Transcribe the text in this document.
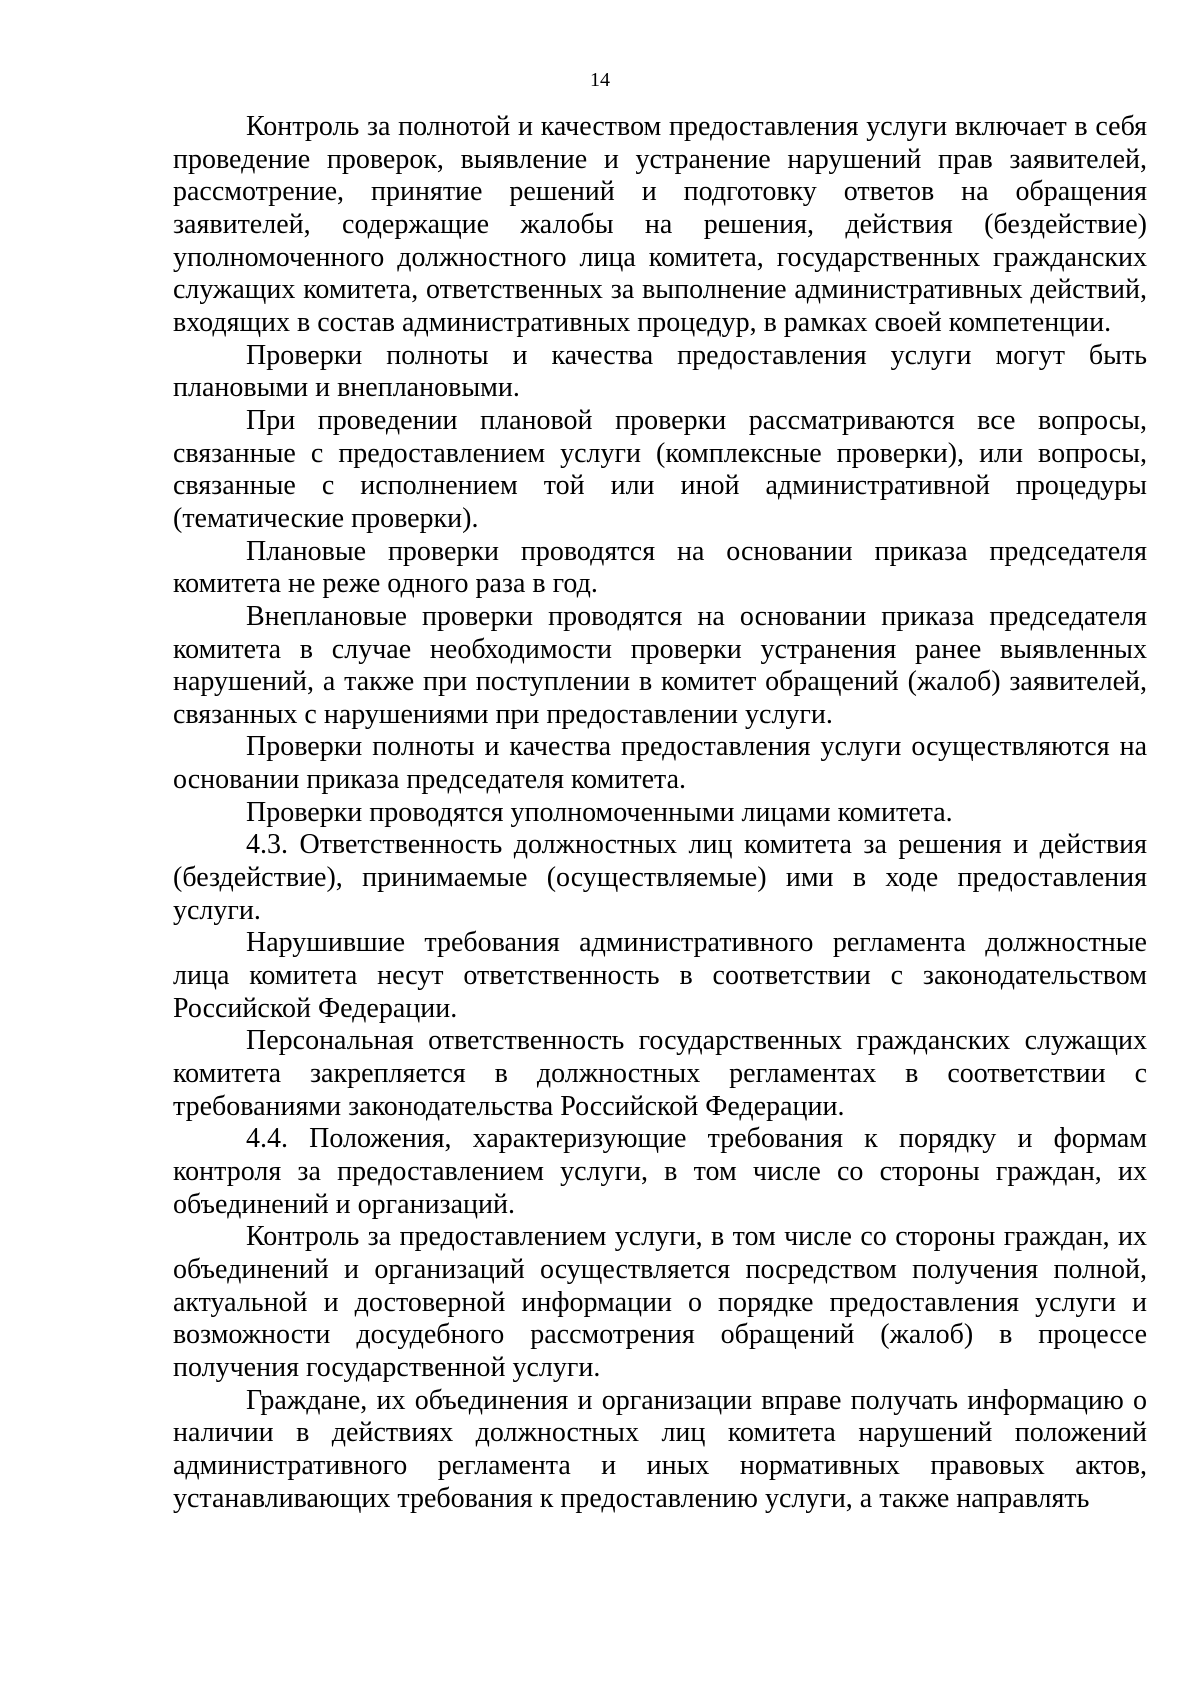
14

Контроль за полнотой и качеством предоставления услуги включает в себя проведение проверок, выявление и устранение нарушений прав заявителей, рассмотрение, принятие решений и подготовку ответов на обращения заявителей, содержащие жалобы на решения, действия (бездействие) уполномоченного должностного лица комитета, государственных гражданских служащих комитета, ответственных за выполнение административных действий, входящих в состав административных процедур, в рамках своей компетенции.

Проверки полноты и качества предоставления услуги могут быть плановыми и внеплановыми.

При проведении плановой проверки рассматриваются все вопросы, связанные с предоставлением услуги (комплексные проверки), или вопросы, связанные с исполнением той или иной административной процедуры (тематические проверки).

Плановые проверки проводятся на основании приказа председателя комитета не реже одного раза в год.

Внеплановые проверки проводятся на основании приказа председателя комитета в случае необходимости проверки устранения ранее выявленных нарушений, а также при поступлении в комитет обращений (жалоб) заявителей, связанных с нарушениями при предоставлении услуги.

Проверки полноты и качества предоставления услуги осуществляются на основании приказа председателя комитета.

Проверки проводятся уполномоченными лицами комитета.

4.3. Ответственность должностных лиц комитета за решения и действия (бездействие), принимаемые (осуществляемые) ими в ходе предоставления услуги.

Нарушившие требования административного регламента должностные лица комитета несут ответственность в соответствии с законодательством Российской Федерации.

Персональная ответственность государственных гражданских служащих комитета закрепляется в должностных регламентах в соответствии с требованиями законодательства Российской Федерации.

4.4. Положения, характеризующие требования к порядку и формам контроля за предоставлением услуги, в том числе со стороны граждан, их объединений и организаций.

Контроль за предоставлением услуги, в том числе со стороны граждан, их объединений и организаций осуществляется посредством получения полной, актуальной и достоверной информации о порядке предоставления услуги и возможности досудебного рассмотрения обращений (жалоб) в процессе получения государственной услуги.

Граждане, их объединения и организации вправе получать информацию о наличии в действиях должностных лиц комитета нарушений положений административного регламента и иных нормативных правовых актов, устанавливающих требования к предоставлению услуги, а также направлять
